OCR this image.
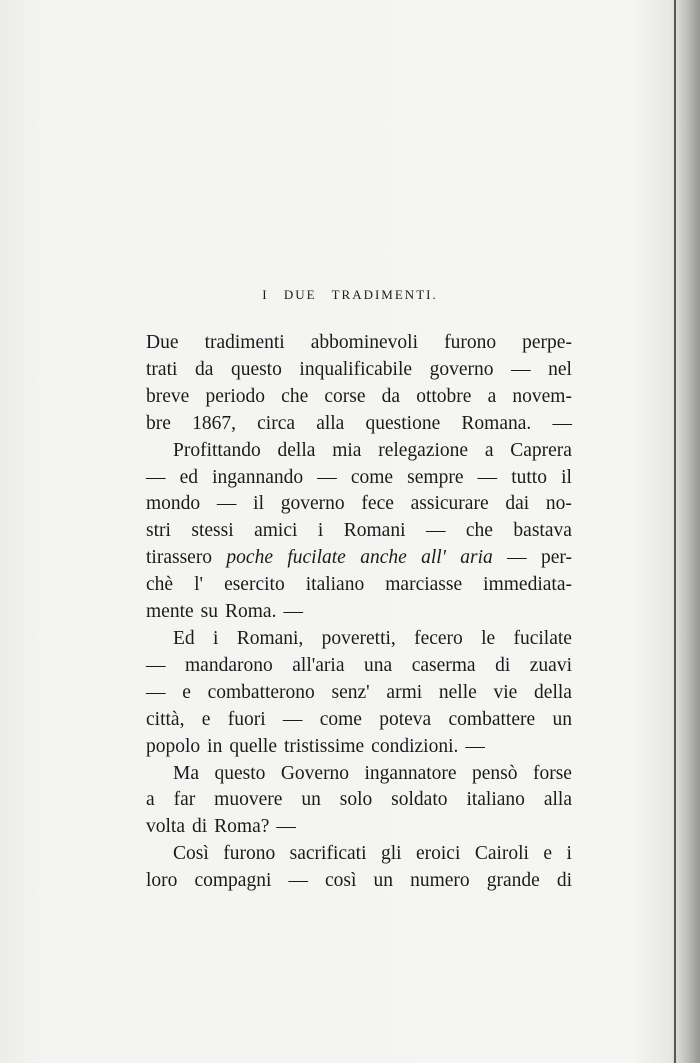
I DUE TRADIMENTI.
Due tradimenti abbominevoli furono perpe-
trati da questo inqualificabile governo — nel
breve periodo che corse da ottobre a novem-
bre 1867, circa alla questione Romana. —
Profittando della mia relegazione a Caprera
— ed ingannando — come sempre — tutto il
mondo — il governo fece assicurare dai no-
stri stessi amici i Romani — che bastava
tirassero poche fucilate anche all' aria — per-
chè l' esercito italiano marciasse immediata-
mente su Roma. —
Ed i Romani, poveretti, fecero le fucilate
— mandarono all'aria una caserma di zuavi
— e combatterono senz' armi nelle vie della
città, e fuori — come poteva combattere un
popolo in quelle tristissime condizioni. —
Ma questo Governo ingannatore pensò forse
a far muovere un solo soldato italiano alla
volta di Roma? —
Così furono sacrificati gli eroici Cairoli e i
loro compagni — così un numero grande di
